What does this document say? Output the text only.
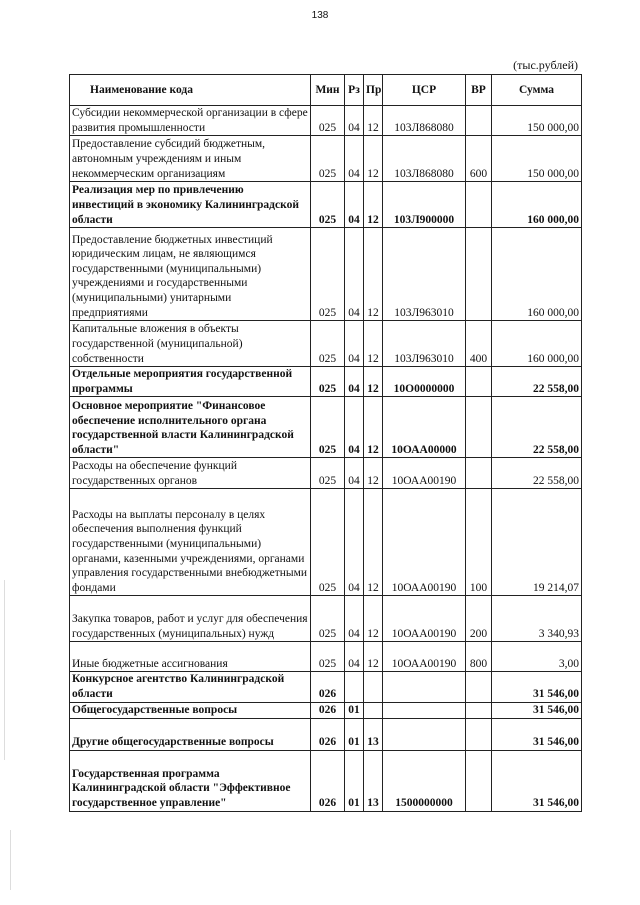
138
(тыс.рублей)
Наименование кода	Мин	Рз	Пр	ЦСР	ВР	Сумма
Субсидии некоммерческой организации в сфере развития промышленности	025	04	12	103Л868080		150 000,00
Предоставление субсидий бюджетным, автономным учреждениям и иным некоммерческим организациям	025	04	12	103Л868080	600	150 000,00
Реализация мер по привлечению инвестиций в экономику Калининградской области	025	04	12	103Л900000		160 000,00
Предоставление бюджетных инвестиций юридическим лицам, не являющимся государственными (муниципальными) учреждениями и государственными (муниципальными) унитарными предприятиями	025	04	12	103Л963010		160 000,00
Капитальные вложения в объекты государственной (муниципальной) собственности	025	04	12	103Л963010	400	160 000,00
Отдельные мероприятия государственной программы	025	04	12	10О0000000		22 558,00
Основное мероприятие "Финансовое обеспечение исполнительного органа государственной власти Калининградской области"	025	04	12	10ОАА00000		22 558,00
Расходы на обеспечение функций государственных органов	025	04	12	10ОАА00190		22 558,00
Расходы на выплаты персоналу в целях обеспечения выполнения функций государственными (муниципальными) органами, казенными учреждениями, органами управления государственными внебюджетными фондами	025	04	12	10ОАА00190	100	19 214,07
Закупка товаров, работ и услуг для обеспечения государственных (муниципальных) нужд	025	04	12	10ОАА00190	200	3 340,93
Иные бюджетные ассигнования	025	04	12	10ОАА00190	800	3,00
Конкурсное агентство Калининградской области	026					31 546,00
Общегосударственные вопросы	026	01				31 546,00
Другие общегосударственные вопросы	026	01	13			31 546,00
Государственная программа Калининградской области "Эффективное государственное управление"	026	01	13	1500000000		31 546,00
